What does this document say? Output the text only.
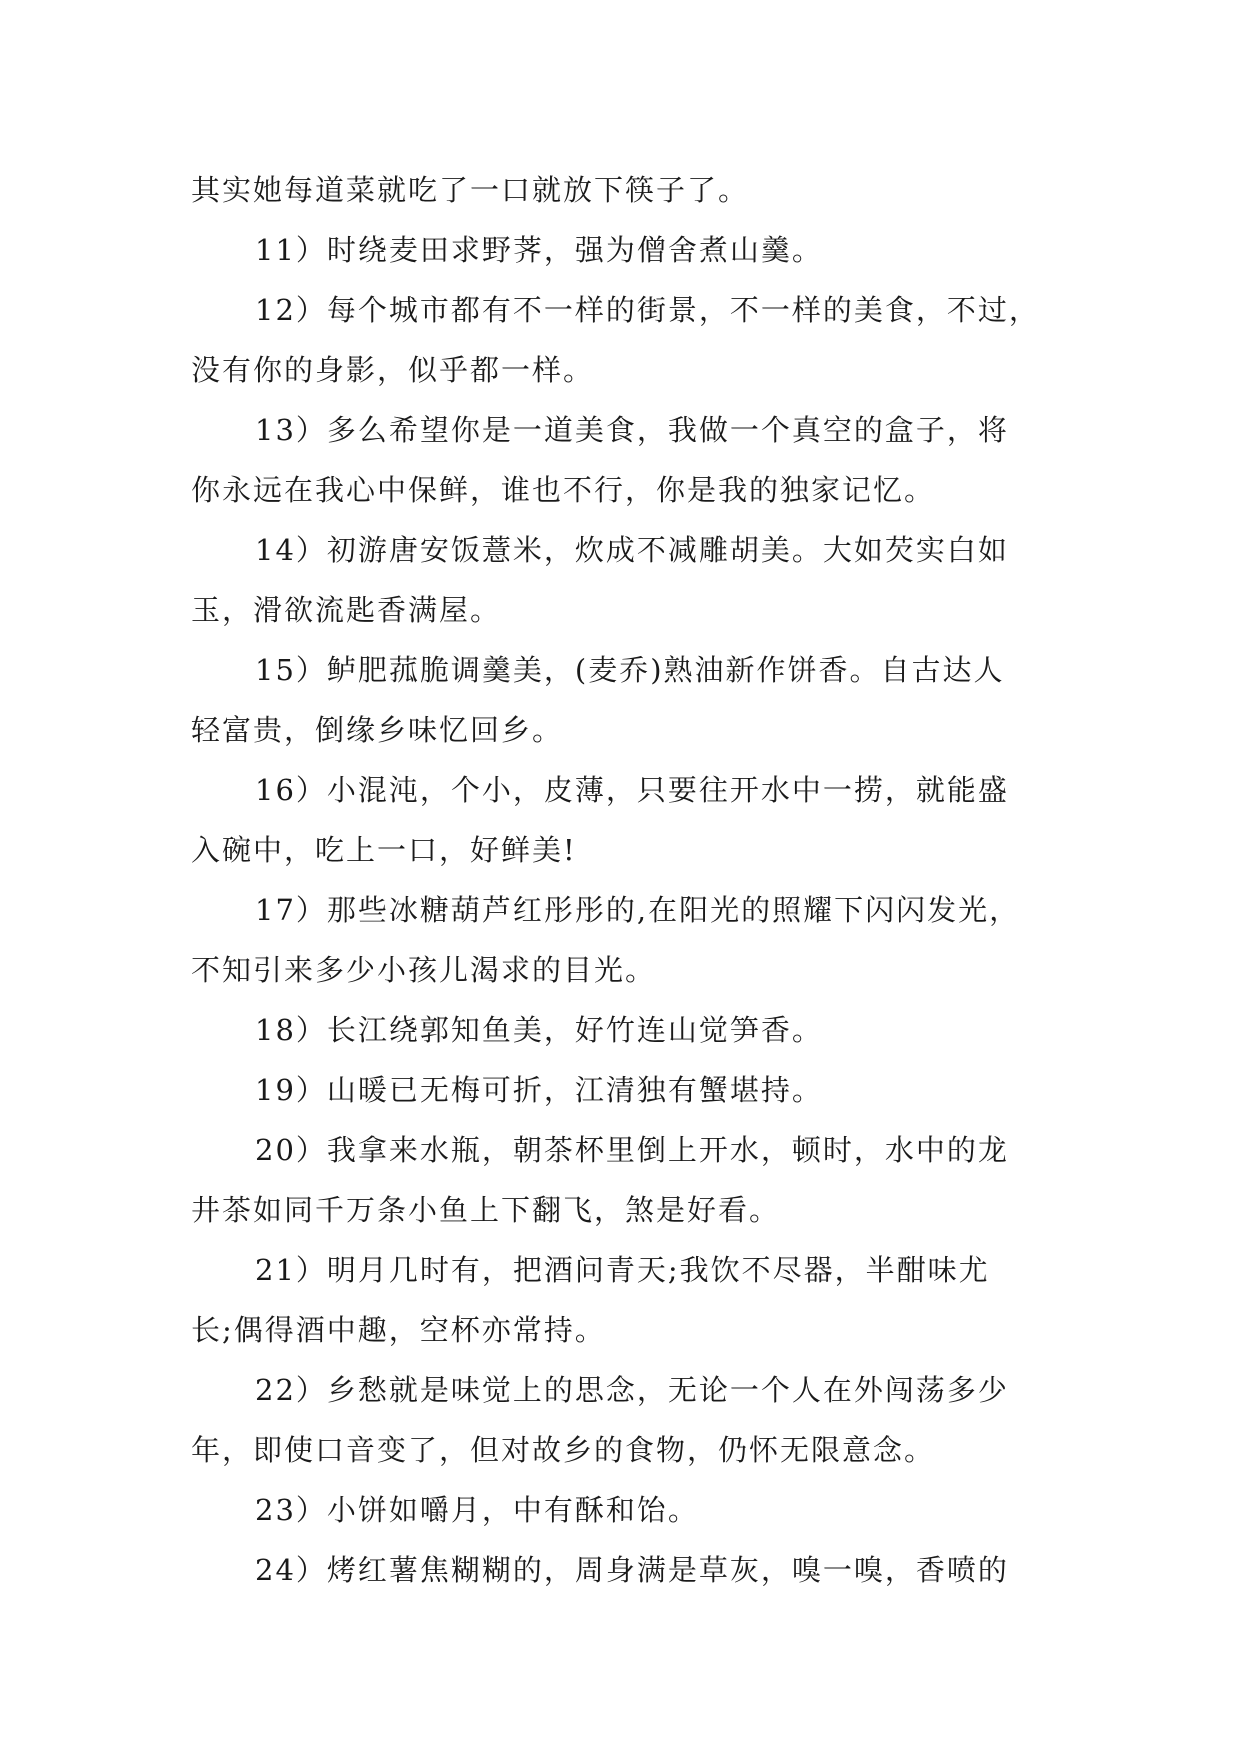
其实她每道菜就吃了一口就放下筷子了。
11）时绕麦田求野荠，强为僧舍煮山羹。
12）每个城市都有不一样的街景，不一样的美食，不过，
没有你的身影，似乎都一样。
13）多么希望你是一道美食，我做一个真空的盒子，将
你永远在我心中保鲜，谁也不行，你是我的独家记忆。
14）初游唐安饭薏米，炊成不减雕胡美。大如芡实白如
玉，滑欲流匙香满屋。
15）鲈肥菰脆调羹美，(麦乔)熟油新作饼香。自古达人
轻富贵，倒缘乡味忆回乡。
16）小混沌，个小，皮薄，只要往开水中一捞，就能盛
入碗中，吃上一口，好鲜美!
17）那些冰糖葫芦红彤彤的,在阳光的照耀下闪闪发光，
不知引来多少小孩儿渴求的目光。
18）长江绕郭知鱼美，好竹连山觉笋香。
19）山暖已无梅可折，江清独有蟹堪持。
20）我拿来水瓶，朝茶杯里倒上开水，顿时，水中的龙
井茶如同千万条小鱼上下翻飞，煞是好看。
21）明月几时有，把酒问青天;我饮不尽器，半酣味尤
长;偶得酒中趣，空杯亦常持。
22）乡愁就是味觉上的思念，无论一个人在外闯荡多少
年，即使口音变了，但对故乡的食物，仍怀无限意念。
23）小饼如嚼月，中有酥和饴。
24）烤红薯焦糊糊的，周身满是草灰，嗅一嗅，香喷的
